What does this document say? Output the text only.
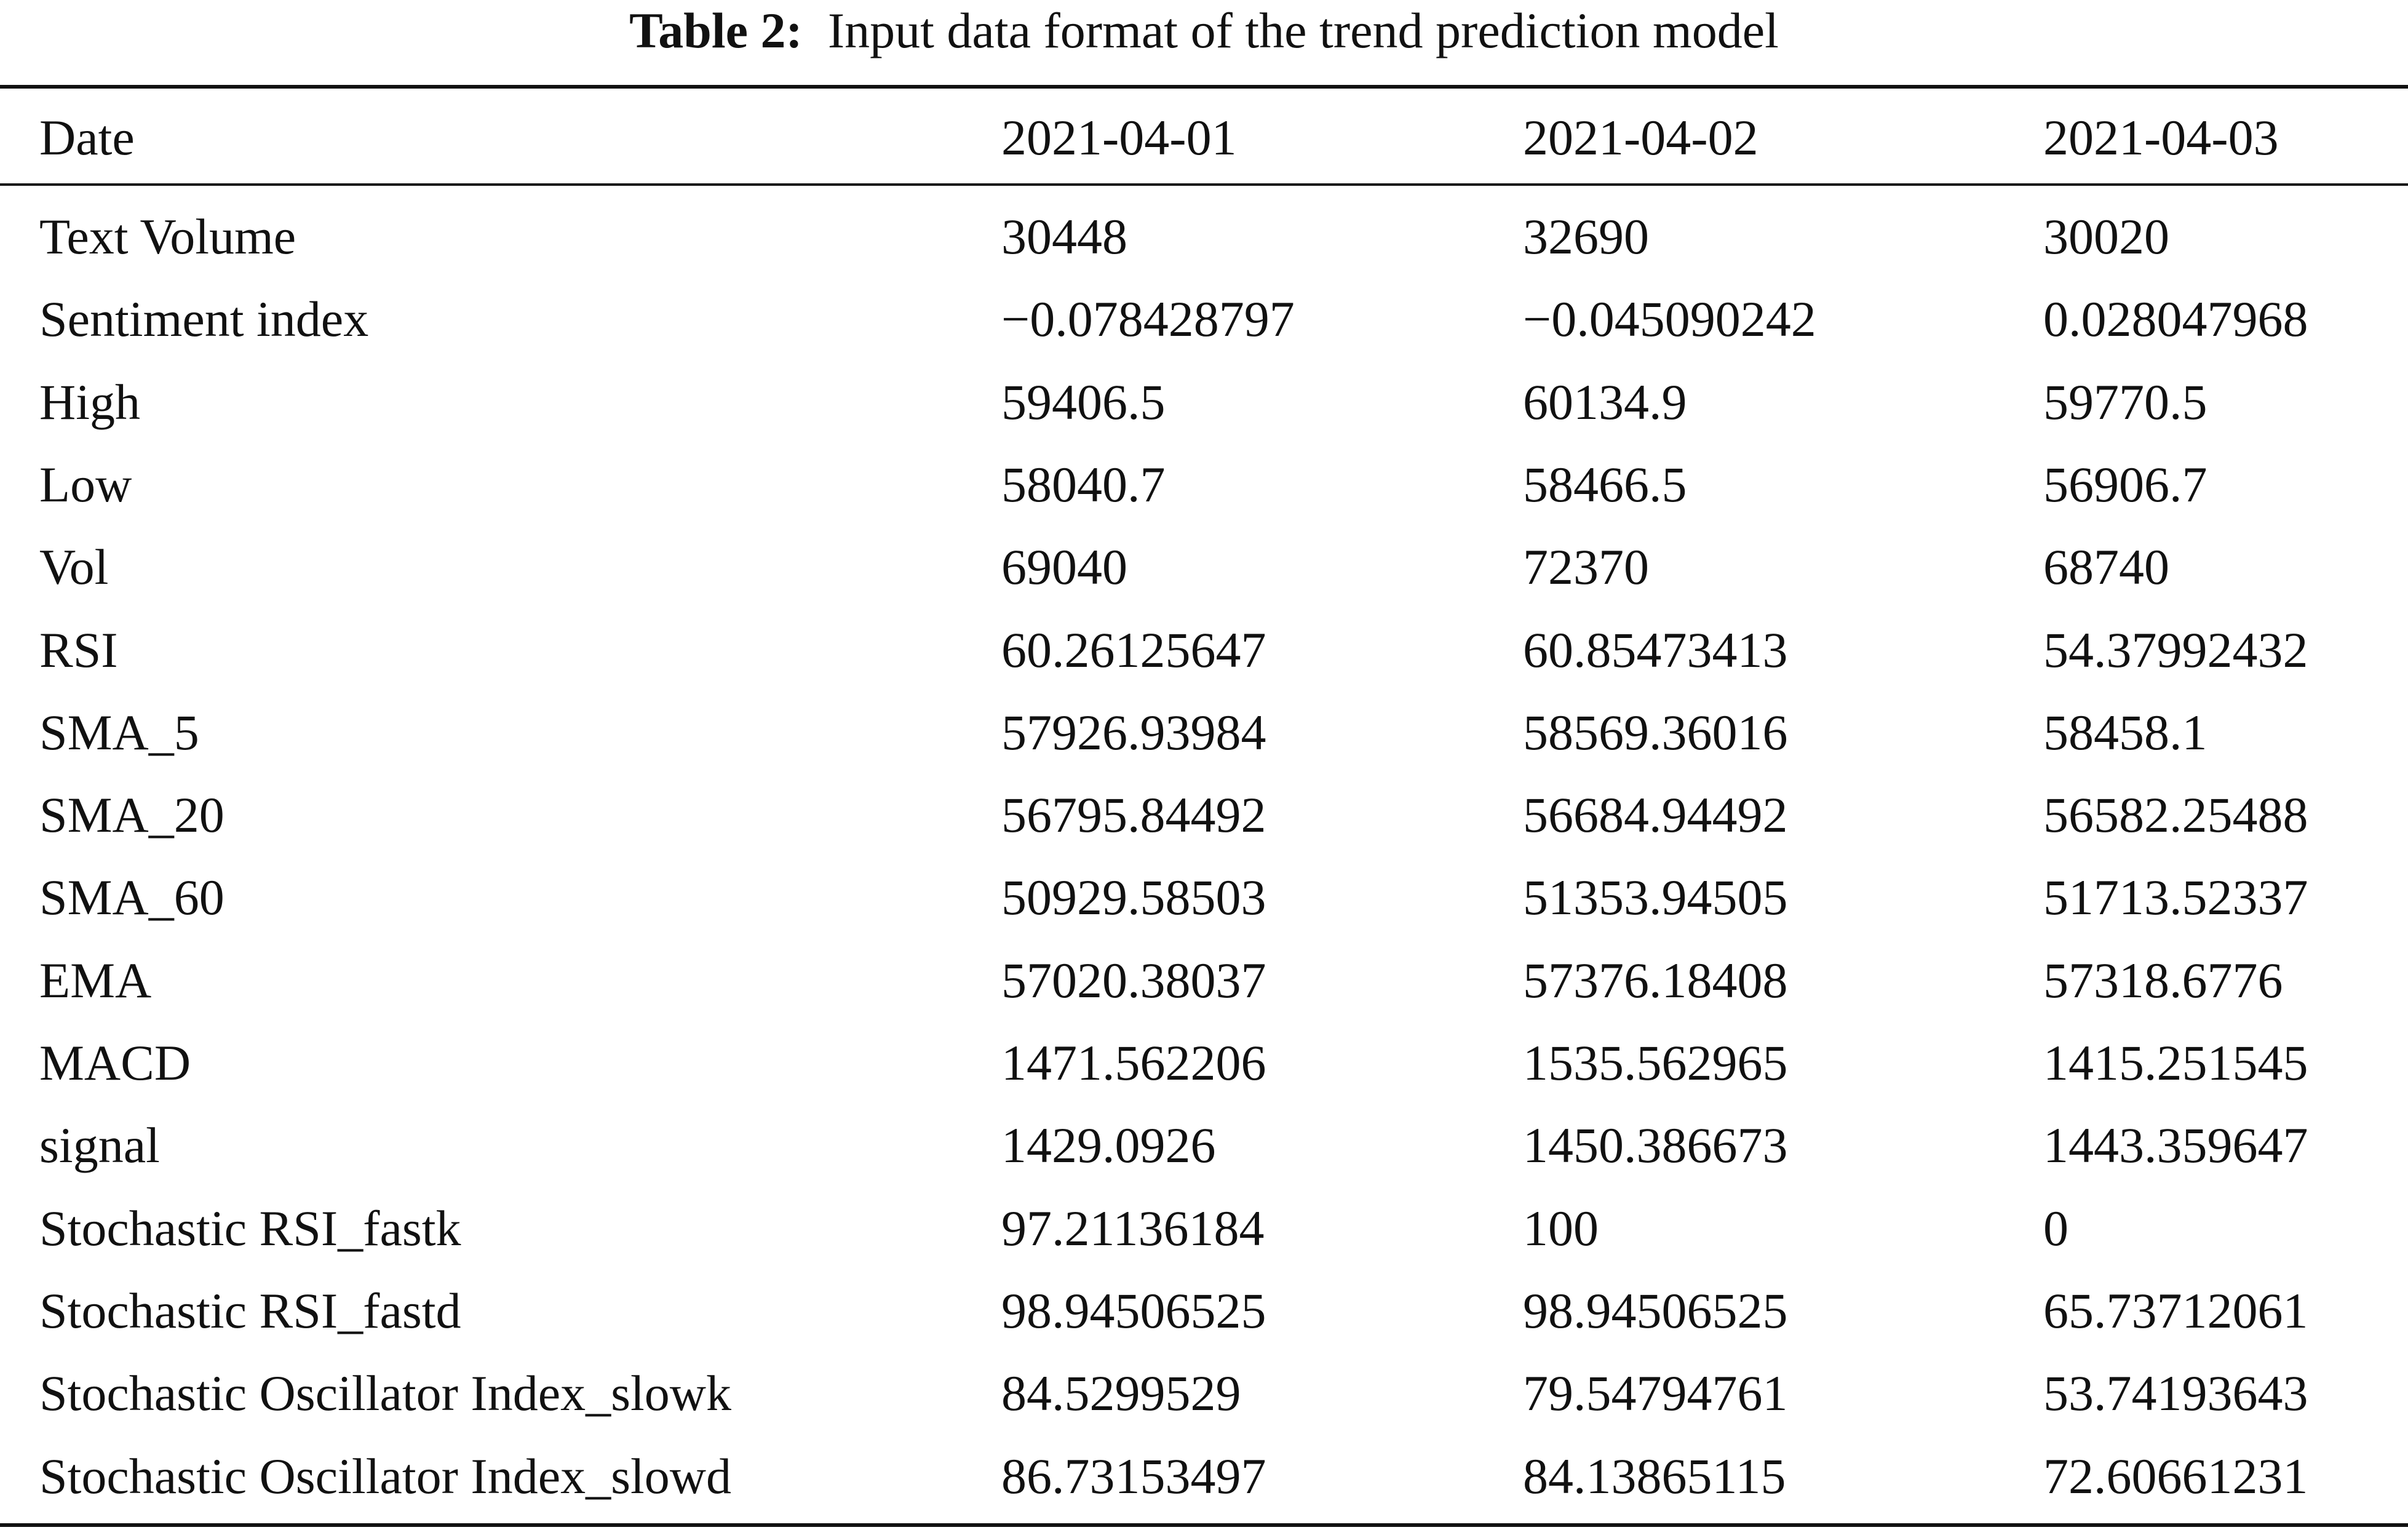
Table 2: Input data format of the trend prediction model
Date	2021-04-01	2021-04-02	2021-04-03
Text Volume	30448	32690	30020
Sentiment index	−0.078428797	−0.045090242	0.028047968
High	59406.5	60134.9	59770.5
Low	58040.7	58466.5	56906.7
Vol	69040	72370	68740
RSI	60.26125647	60.85473413	54.37992432
SMA_5	57926.93984	58569.36016	58458.1
SMA_20	56795.84492	56684.94492	56582.25488
SMA_60	50929.58503	51353.94505	51713.52337
EMA	57020.38037	57376.18408	57318.6776
MACD	1471.562206	1535.562965	1415.251545
signal	1429.0926	1450.386673	1443.359647
Stochastic RSI_fastk	97.21136184	100	0
Stochastic RSI_fastd	98.94506525	98.94506525	65.73712061
Stochastic Oscillator Index_slowk	84.5299529	79.54794761	53.74193643
Stochastic Oscillator Index_slowd	86.73153497	84.13865115	72.60661231
